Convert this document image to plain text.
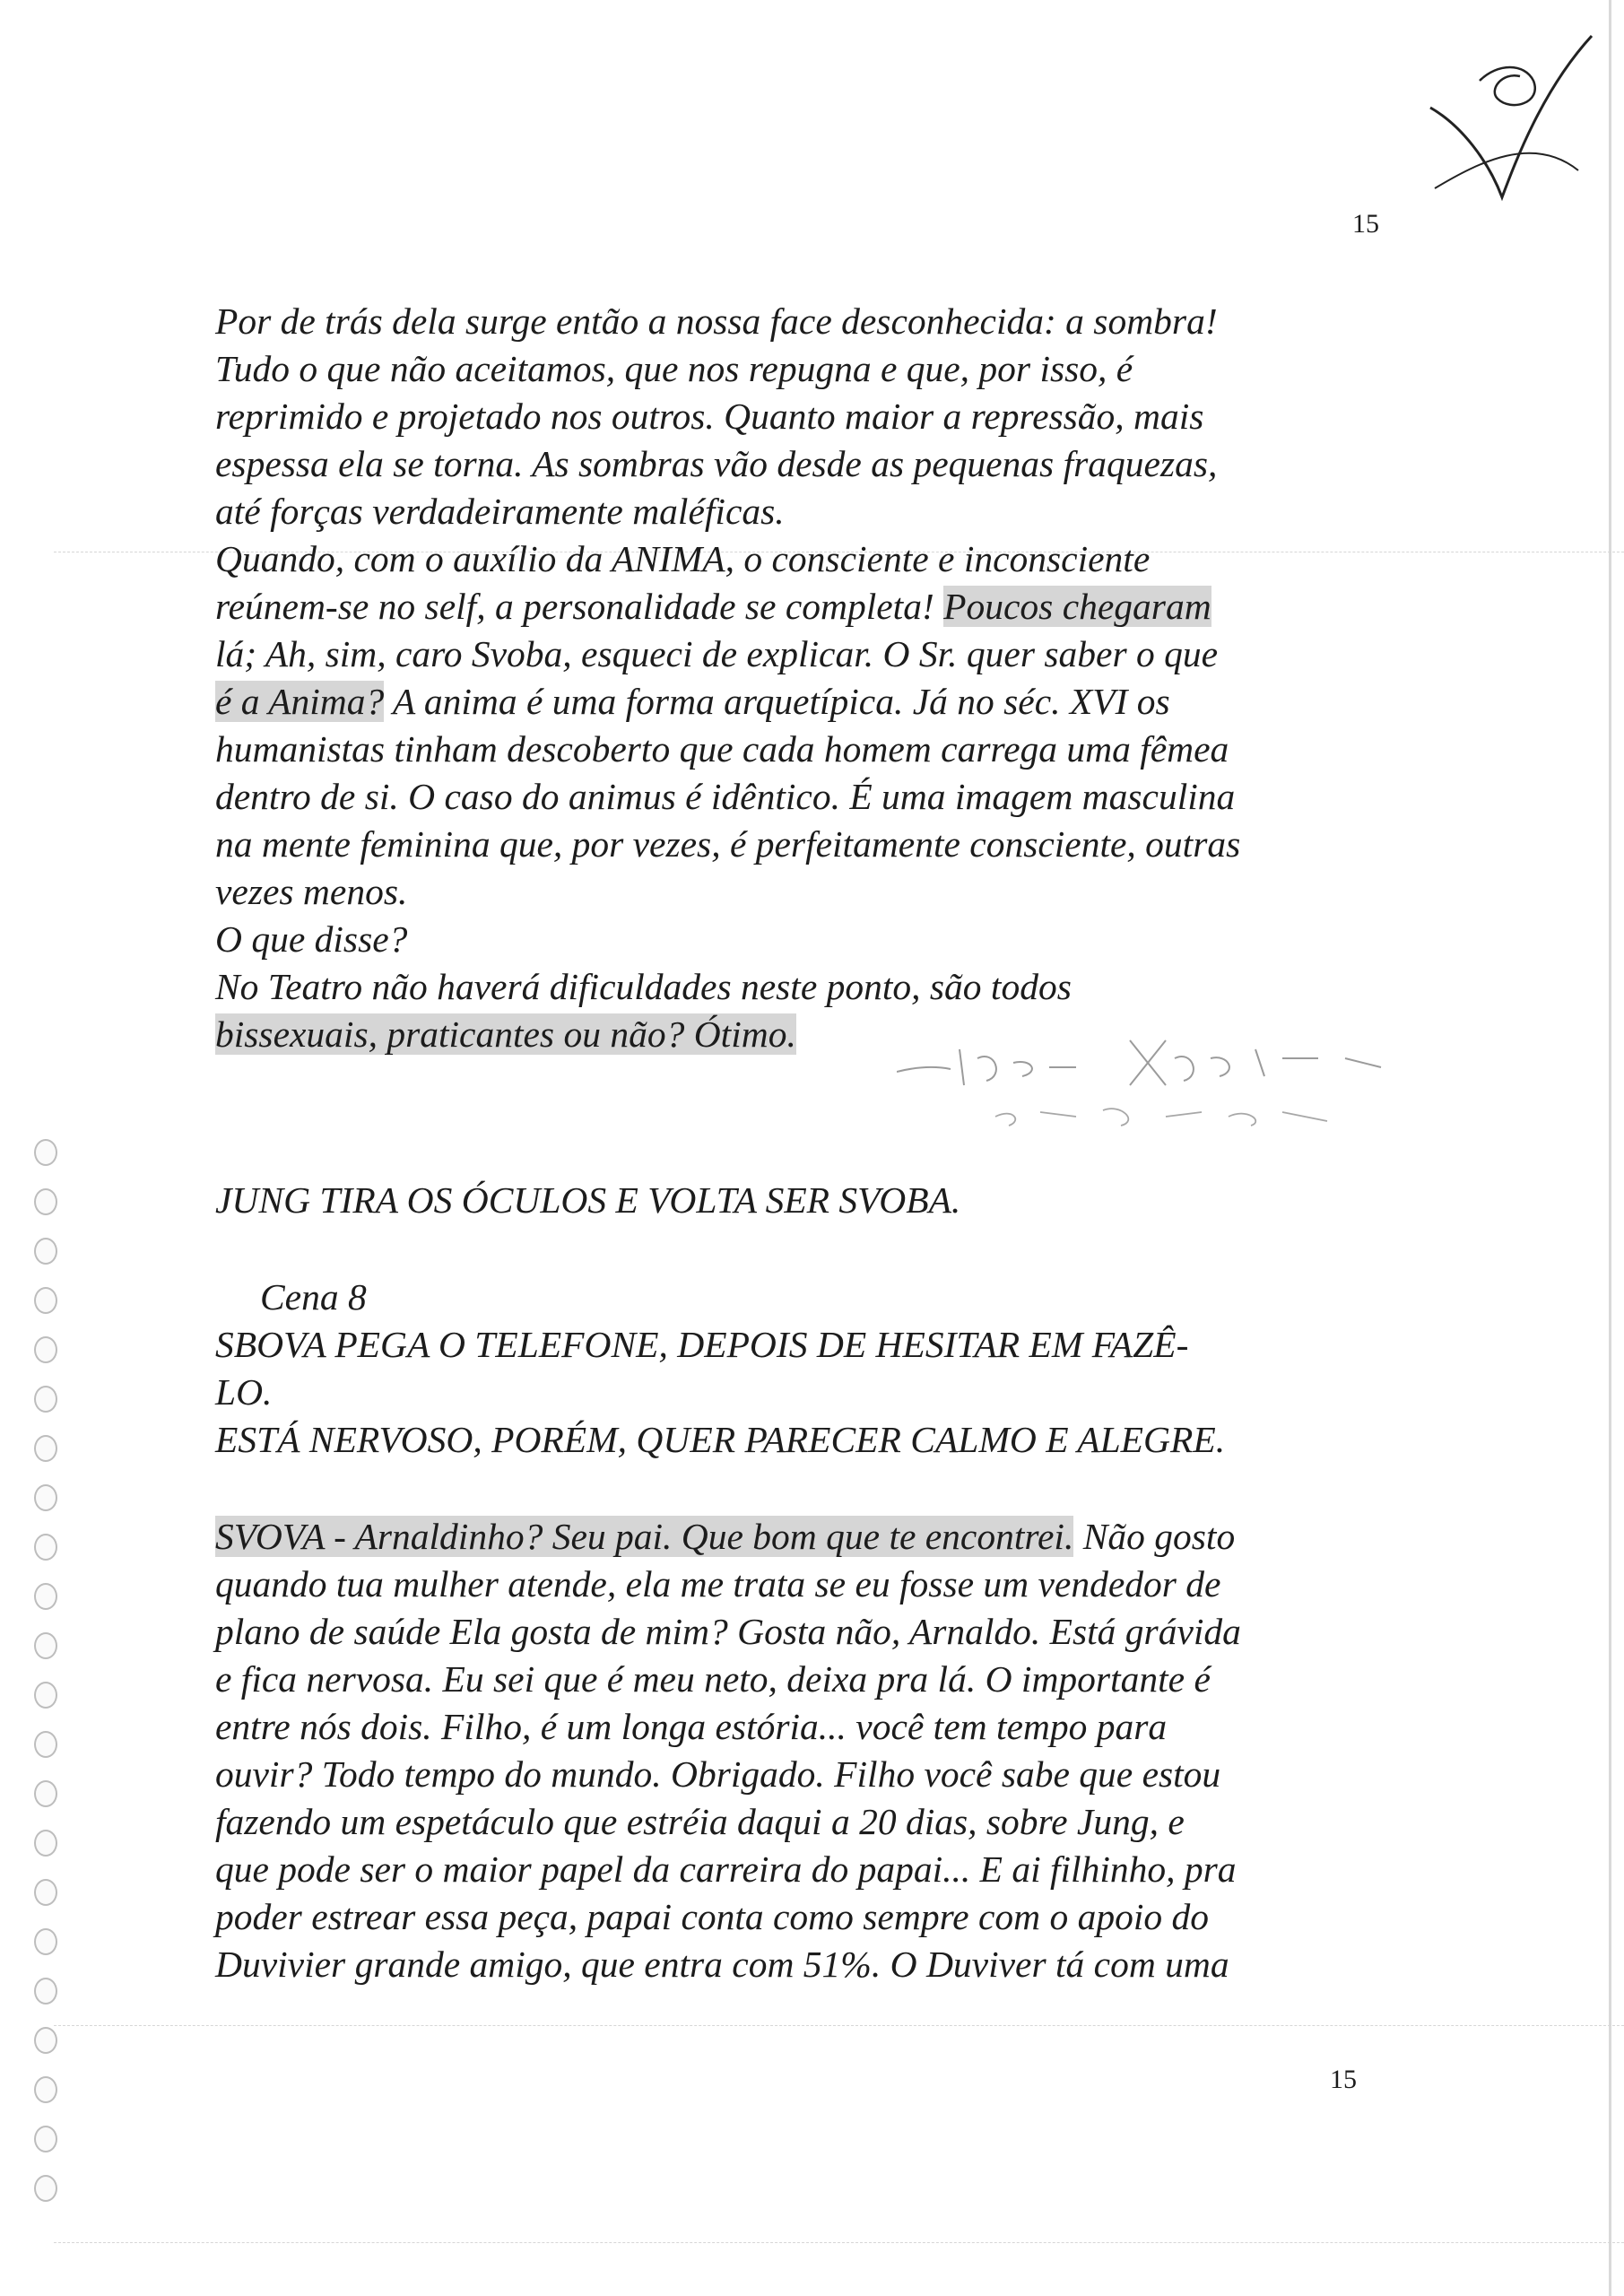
15
Por de trás dela surge então a nossa face desconhecida: a sombra!
Tudo o que não aceitamos, que nos repugna e que, por isso, é
reprimido e projetado nos outros. Quanto maior a repressão, mais
espessa ela se torna. As sombras vão desde as pequenas fraquezas,
até forças verdadeiramente maléficas.
Quando, com o auxílio da ANIMA, o consciente e inconsciente
reúnem-se no self, a personalidade se completa! Poucos chegaram
lá; Ah, sim, caro Svoba, esqueci de explicar. O Sr. quer saber o que
é a Anima? A anima é uma forma arquetípica. Já no séc. XVI os
humanistas tinham descoberto que cada homem carrega uma fêmea
dentro de si. O caso do animus é idêntico. É uma imagem masculina
na mente feminina que, por vezes, é perfeitamente consciente, outras
vezes menos.
O que disse?
No Teatro não haverá dificuldades neste ponto, são todos
bissexuais, praticantes ou não? Ótimo.
JUNG TIRA OS ÓCULOS E VOLTA SER SVOBA.
Cena 8
SBOVA PEGA O TELEFONE, DEPOIS DE HESITAR EM FAZÊ-
LO.
ESTÁ NERVOSO, PORÉM, QUER PARECER CALMO E ALEGRE.
SVOVA - Arnaldinho? Seu pai. Que bom que te encontrei. Não gosto
quando tua mulher atende, ela me trata se eu fosse um vendedor de
plano de saúde Ela gosta de mim? Gosta não, Arnaldo. Está grávida
e fica nervosa. Eu sei que é meu neto, deixa pra lá. O importante é
entre nós dois. Filho, é um longa estória... você tem tempo para
ouvir? Todo tempo do mundo. Obrigado. Filho você sabe que estou
fazendo um espetáculo que estréia daqui a 20 dias, sobre Jung, e
que pode ser o maior papel da carreira do papai... E ai filhinho, pra
poder estrear essa peça, papai conta como sempre com o apoio do
Duvivier grande amigo, que entra com 51%. O Duviver tá com uma
15
